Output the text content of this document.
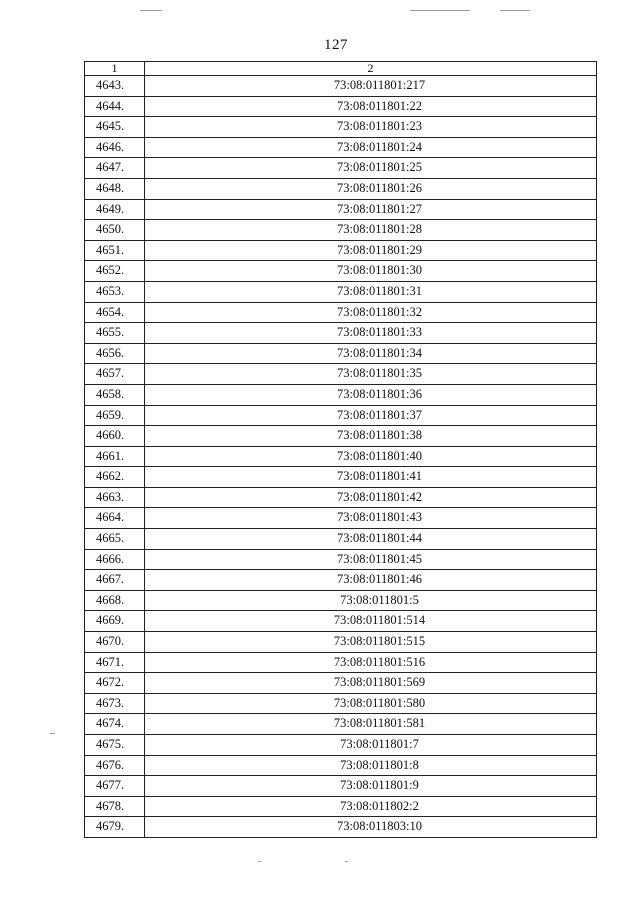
127
1	2
4643.	73:08:011801:217
4644.	73:08:011801:22
4645.	73:08:011801:23
4646.	73:08:011801:24
4647.	73:08:011801:25
4648.	73:08:011801:26
4649.	73:08:011801:27
4650.	73:08:011801:28
4651.	73:08:011801:29
4652.	73:08:011801:30
4653.	73:08:011801:31
4654.	73:08:011801:32
4655.	73:08:011801:33
4656.	73:08:011801:34
4657.	73:08:011801:35
4658.	73:08:011801:36
4659.	73:08:011801:37
4660.	73:08:011801:38
4661.	73:08:011801:40
4662.	73:08:011801:41
4663.	73:08:011801:42
4664.	73:08:011801:43
4665.	73:08:011801:44
4666.	73:08:011801:45
4667.	73:08:011801:46
4668.	73:08:011801:5
4669.	73:08:011801:514
4670.	73:08:011801:515
4671.	73:08:011801:516
4672.	73:08:011801:569
4673.	73:08:011801:580
4674.	73:08:011801:581
4675.	73:08:011801:7
4676.	73:08:011801:8
4677.	73:08:011801:9
4678.	73:08:011802:2
4679.	73:08:011803:10
